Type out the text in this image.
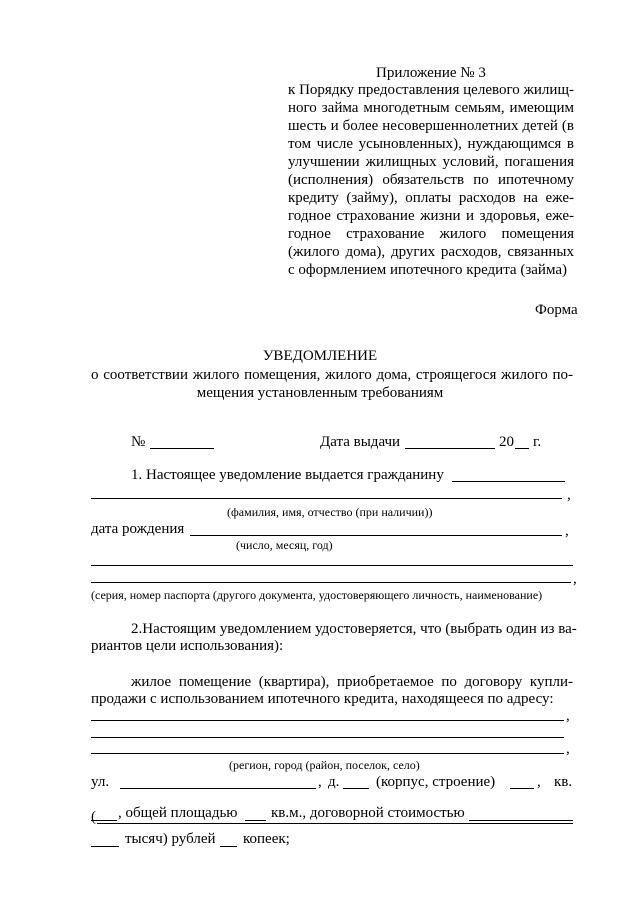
Приложение № 3
к Порядку предоставления целевого жилищ-
ного займа многодетным семьям, имеющим
шесть и более несовершеннолетних детей (в
том числе усыновленных), нуждающимся в
улучшении жилищных условий, погашения
(исполнения) обязательств по ипотечному
кредиту (займу), оплаты расходов на еже-
годное страхование жизни и здоровья, еже-
годное страхование жилого помещения
(жилого дома), других расходов, связанных
с оформлением ипотечного кредита (займа)
Форма
УВЕДОМЛЕНИЕ
о соответствии жилого помещения, жилого дома, строящегося жилого по-
мещения установленным требованиям
№	Дата выдачи	20 г.
1. Настоящее уведомление выдается гражданину
,
(фамилия, имя, отчество (при наличии))
дата рождения	,
(число, месяц, год)
,
(серия, номер паспорта (другого документа, удостоверяющего личность, наименование)
2.Настоящим уведомлением удостоверяется, что (выбрать один из ва-
риантов цели использования):
жилое помещение (квартира), приобретаемое по договору купли-
продажи с использованием ипотечного кредита, находящееся по адресу:
,
,
(регион, город (район, поселок, село)
ул.	, д. (корпус, строение)	, кв.
, общей площадью кв.м., договорной стоимостью
(
тысяч) рублей копеек;
